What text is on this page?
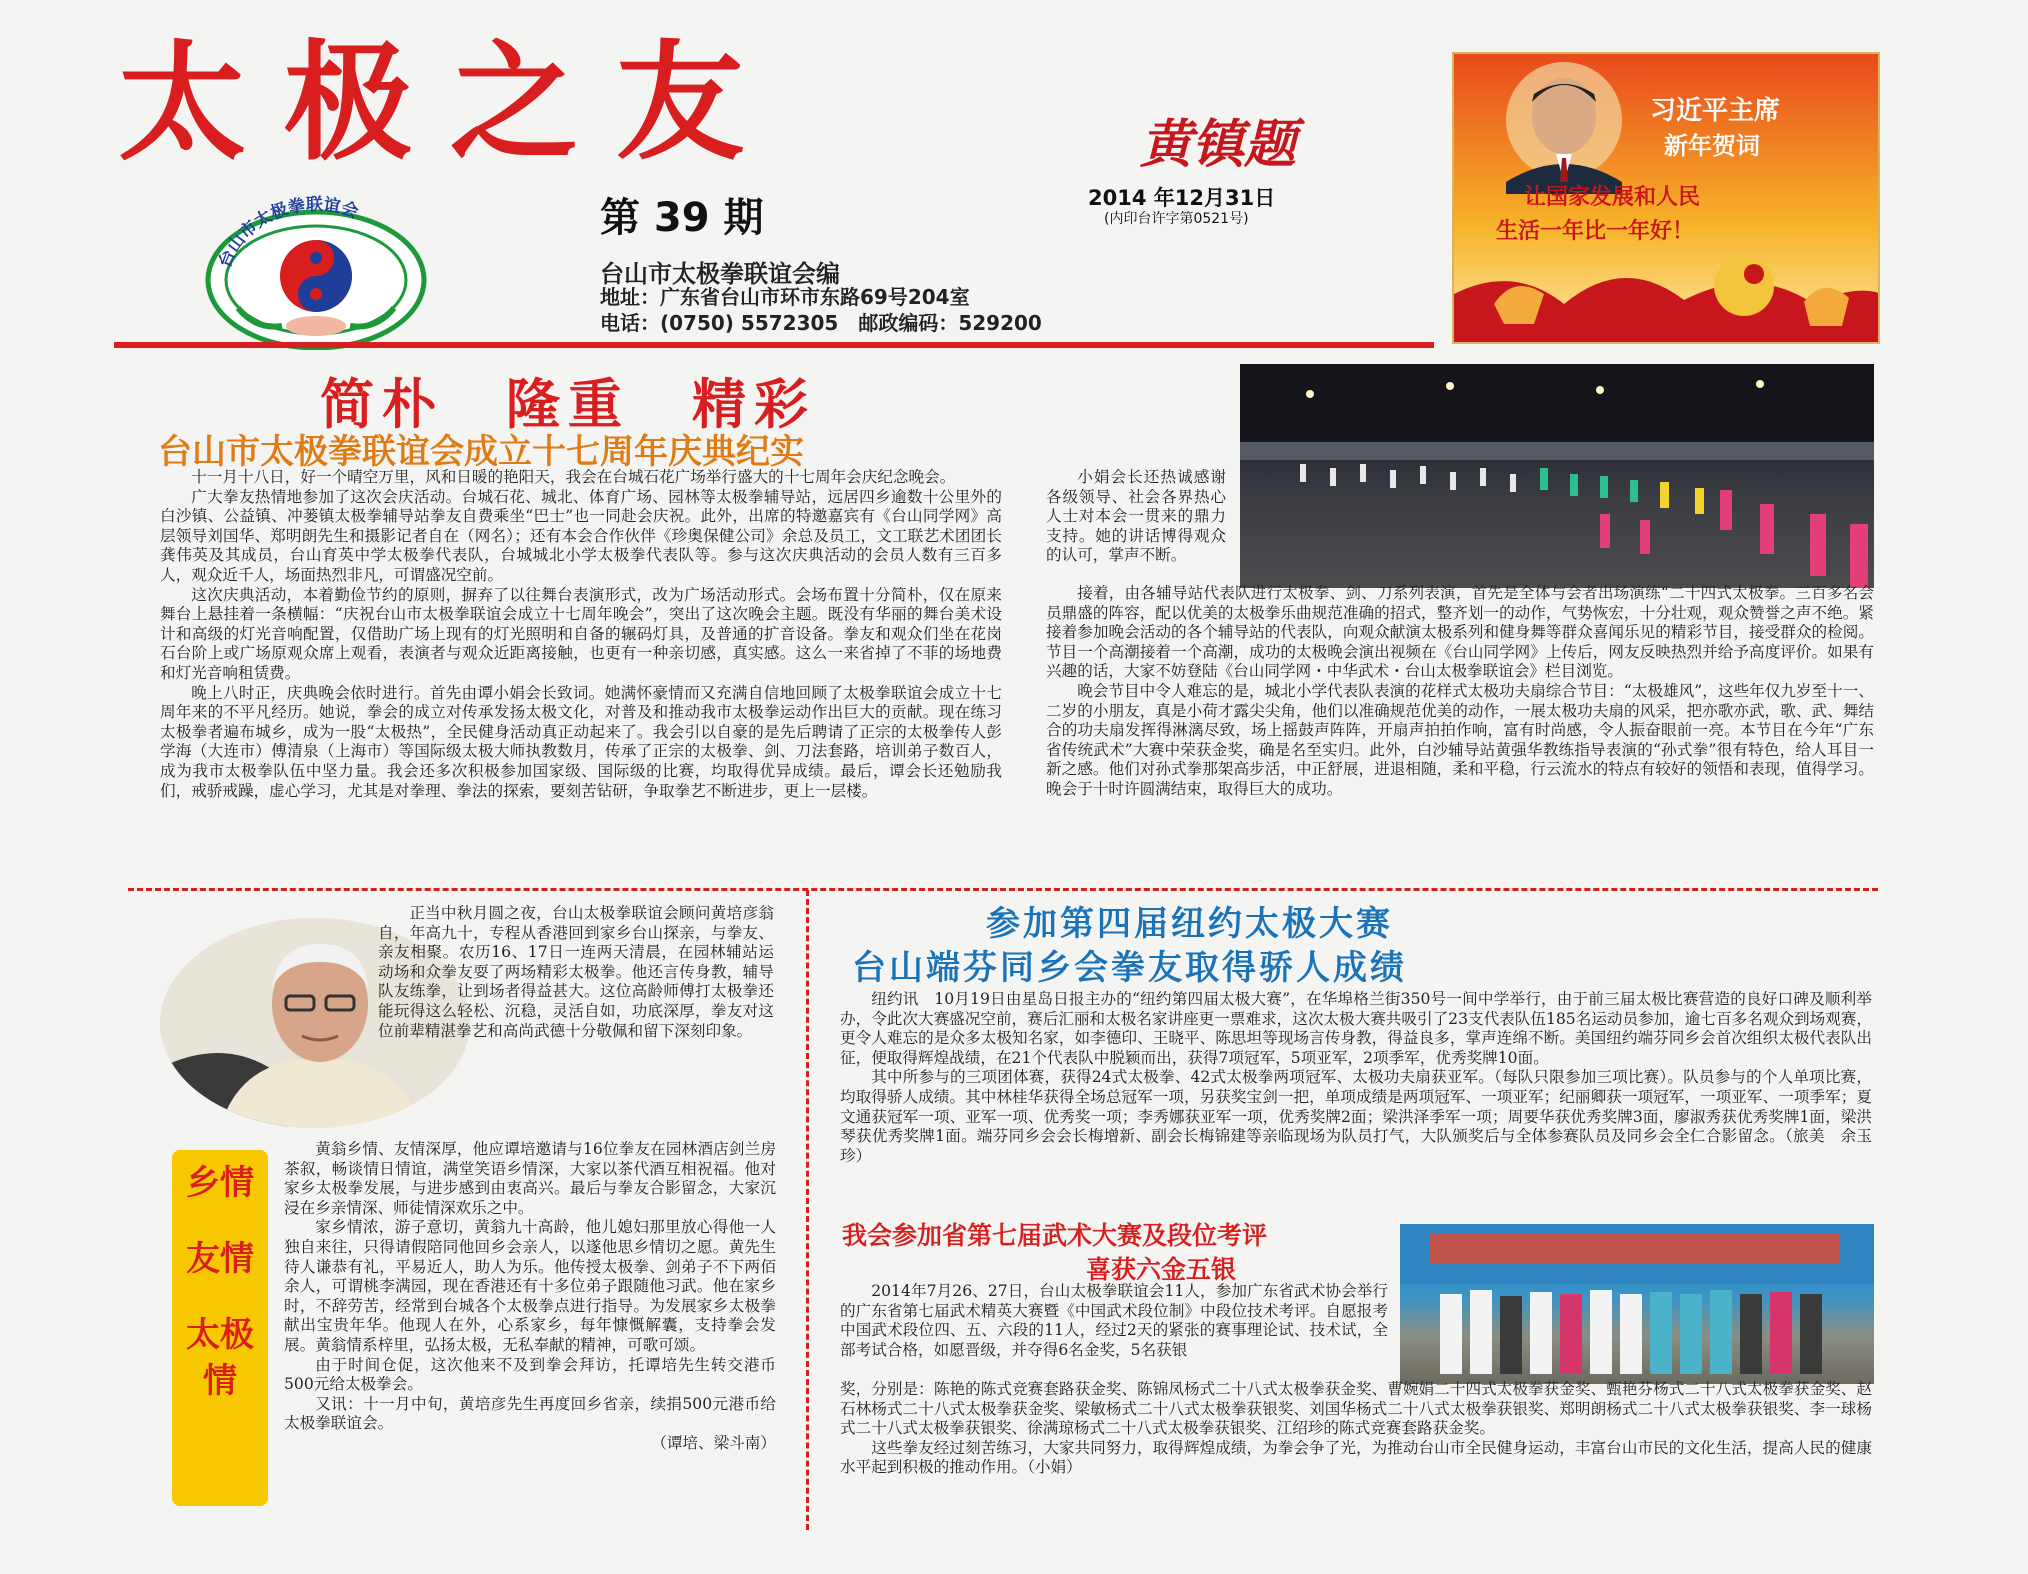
太极之友	黄镇题
台山市太极拳联谊会	第 39 期	2014 年12月31日
(内印台许字第0521号)
台山市太极拳联谊会编
地址：广东省台山市环市东路69号204室
电话：(0750) 5572305　邮政编码：529200
习近平主席
新年贺词
让国家发展和人民
生活一年比一年好！
简朴　隆重　精彩
台山市太极拳联谊会成立十七周年庆典纪实

十一月十八日，好一个晴空万里，风和日暖的艳阳天，我会在台城石花广场举行盛大的十七周年会庆纪念晚会。

广大拳友热情地参加了这次会庆活动。台城石花、城北、体育广场、园林等太极拳辅导站，远居四乡逾数十公里外的白沙镇、公益镇、冲蒌镇太极拳辅导站拳友自费乘坐“巴士”也一同赴会庆祝。此外，出席的特邀嘉宾有《台山同学网》高层领导刘国华、郑明朗先生和摄影记者自在（网名）；还有本会合作伙伴《珍奥保健公司》余总及员工，文工联艺术团团长龚伟英及其成员，台山育英中学太极拳代表队，台城城北小学太极拳代表队等。参与这次庆典活动的会员人数有三百多人，观众近千人，场面热烈非凡，可谓盛况空前。

这次庆典活动，本着勤俭节约的原则，摒弃了以往舞台表演形式，改为广场活动形式。会场布置十分简朴，仅在原来舞台上悬挂着一条横幅：“庆祝台山市太极拳联谊会成立十七周年晚会”，突出了这次晚会主题。既没有华丽的舞台美术设计和高级的灯光音响配置，仅借助广场上现有的灯光照明和自备的辗码灯具，及普通的扩音设备。拳友和观众们坐在花岗石台阶上或广场原观众席上观看，表演者与观众近距离接触，也更有一种亲切感，真实感。这么一来省掉了不菲的场地费和灯光音响租赁费。

晚上八时正，庆典晚会依时进行。首先由谭小娟会长致词。她满怀豪情而又充满自信地回顾了太极拳联谊会成立十七周年来的不平凡经历。她说，拳会的成立对传承发扬太极文化，对普及和推动我市太极拳运动作出巨大的贡献。现在练习太极拳者遍布城乡，成为一股“太极热”，全民健身活动真正动起来了。我会引以自豪的是先后聘请了正宗的太极拳传人彭学海（大连市）傅清泉（上海市）等国际级太极大师执教数月，传承了正宗的太极拳、剑、刀法套路，培训弟子数百人，成为我市太极拳队伍中坚力量。我会还多次积极参加国家级、国际级的比赛，均取得优异成绩。最后，谭会长还勉励我们，戒骄戒躁，虚心学习，尤其是对拳理、拳法的探索，要刻苦钻研，争取拳艺不断进步，更上一层楼。

小娟会长还热诚感谢各级领导、社会各界热心人士对本会一贯来的鼎力支持。她的讲话博得观众的认可，掌声不断。

接着，由各辅导站代表队进行太极拳、剑、刀系列表演，首先是全体与会者出场演练“二十四式太极拳。三百多名会员鼎盛的阵容，配以优美的太极拳乐曲规范准确的招式，整齐划一的动作，气势恢宏，十分壮观，观众赞誉之声不绝。紧接着参加晚会活动的各个辅导站的代表队，向观众献演太极系列和健身舞等群众喜闻乐见的精彩节目，接受群众的检阅。节目一个高潮接着一个高潮，成功的太极晚会演出视频在《台山同学网》上传后，网友反映热烈并给予高度评价。如果有兴趣的话，大家不妨登陆《台山同学网・中华武术・台山太极拳联谊会》栏目浏览。

晚会节目中令人难忘的是，城北小学代表队表演的花样式太极功夫扇综合节目：“太极雄风”，这些年仅九岁至十一、二岁的小朋友，真是小荷才露尖尖角，他们以准确规范优美的动作，一展太极功夫扇的风采，把亦歌亦武，歌、武、舞结合的功夫扇发挥得淋漓尽致，场上摇鼓声阵阵，开扇声拍拍作响，富有时尚感，令人振奋眼前一亮。本节目在今年“广东省传统武术”大赛中荣获金奖，确是名至实归。此外，白沙辅导站黄强华教练指导表演的“孙式拳”很有特色，给人耳目一新之感。他们对孙式拳那架高步活，中正舒展，进退相随，柔和平稳，行云流水的特点有较好的领悟和表现，值得学习。晚会于十时许圆满结束，取得巨大的成功。

正当中秋月圆之夜，台山太极拳联谊会顾问黄培彦翁自，年高九十，专程从香港回到家乡台山探亲，与拳友、亲友相聚。农历16、17日一连两天清晨，在园林辅站运动场和众拳友耍了两场精彩太极拳。他还言传身教，辅导队友练拳，让到场者得益甚大。这位高龄师傅打太极拳还能玩得这么轻松、沉稳，灵活自如，功底深厚，拳友对这位前辈精湛拳艺和高尚武德十分敬佩和留下深刻印象。

乡情
友情
太极情

黄翁乡情、友情深厚，他应谭培邀请与16位拳友在园林酒店剑兰房茶叙，畅谈情日情谊，满堂笑语乡情深，大家以茶代酒互相祝福。他对家乡太极拳发展，与进步感到由衷高兴。最后与拳友合影留念，大家沉浸在乡亲情深、师徒情深欢乐之中。

家乡情浓，游子意切，黄翁九十高龄，他儿媳妇那里放心得他一人独自来往，只得请假陪同他回乡会亲人，以遂他思乡情切之愿。黄先生待人谦恭有礼，平易近人，助人为乐。他传授太极拳、剑弟子不下两佰余人，可谓桃李满园，现在香港还有十多位弟子跟随他习武。他在家乡时，不辞劳苦，经常到台城各个太极拳点进行指导。为发展家乡太极拳献出宝贵年华。他现人在外，心系家乡，每年慷慨解囊，支持拳会发展。黄翁情系梓里，弘扬太极，无私奉献的精神，可歌可颂。

由于时间仓促，这次他来不及到拳会拜访，托谭培先生转交港币500元给太极拳会。

又讯：十一月中旬，黄培彦先生再度回乡省亲，续捐500元港币给太极拳联谊会。

（谭培、梁斗南）

参加第四届纽约太极大赛
台山端芬同乡会拳友取得骄人成绩

纽约讯　10月19日由星岛日报主办的“纽约第四届太极大赛”，在华埠格兰街350号一间中学举行，由于前三届太极比赛营造的良好口碑及顺利举办，令此次大赛盛况空前，赛后汇丽和太极名家讲座更一票难求，这次太极大赛共吸引了23支代表队伍185名运动员参加，逾七百多名观众到场观赛，更令人难忘的是众多太极知名家，如李德印、王晓平、陈思坦等现场言传身教，得益良多，掌声连绵不断。美国纽约端芬同乡会首次组织太极代表队出征，便取得辉煌战绩，在21个代表队中脱颖而出，获得7项冠军，5项亚军，2项季军，优秀奖牌10面。

其中所参与的三项团体赛，获得24式太极拳、42式太极拳两项冠军、太极功夫扇获亚军。（每队只限参加三项比赛）。队员参与的个人单项比赛，均取得骄人成绩。其中林桂华获得全场总冠军一项，另获奖宝剑一把，单项成绩是两项冠军、一项亚军；纪丽卿获一项冠军，一项亚军、一项季军；夏文通获冠军一项、亚军一项、优秀奖一项；李秀娜获亚军一项，优秀奖牌2面；梁洪泽季军一项；周要华获优秀奖牌3面，廖淑秀获优秀奖牌1面，梁洪琴获优秀奖牌1面。端芬同乡会会长梅增新、副会长梅锦建等亲临现场为队员打气，大队颁奖后与全体参赛队员及同乡会全仁合影留念。（旅美　余玉珍）

我会参加省第七届武术大赛及段位考评
喜获六金五银

2014年7月26、27日，台山太极拳联谊会11人，参加广东省武术协会举行的广东省第七届武术精英大赛暨《中国武术段位制》中段位技术考评。自愿报考中国武术段位四、五、六段的11人，经过2天的紧张的赛事理论试、技术试，全部考试合格，如愿晋级，并夺得6名金奖，5名获银

奖，分别是：陈艳的陈式竞赛套路获金奖、陈锦凤杨式二十八式太极拳获金奖、曹婉娟二十四式太极拳获金奖、甄艳芬杨式二十八式太极拳获金奖、赵石林杨式二十八式太极拳获金奖、梁敏杨式二十八式太极拳获银奖、刘国华杨式二十八式太极拳获银奖、郑明朗杨式二十八式太极拳获银奖、李一球杨式二十八式太极拳获银奖、徐满琼杨式二十八式太极拳获银奖、江绍珍的陈式竞赛套路获金奖。

这些拳友经过刻苦练习，大家共同努力，取得辉煌成绩，为拳会争了光，为推动台山市全民健身运动，丰富台山市民的文化生活，提高人民的健康水平起到积极的推动作用。（小娟）
